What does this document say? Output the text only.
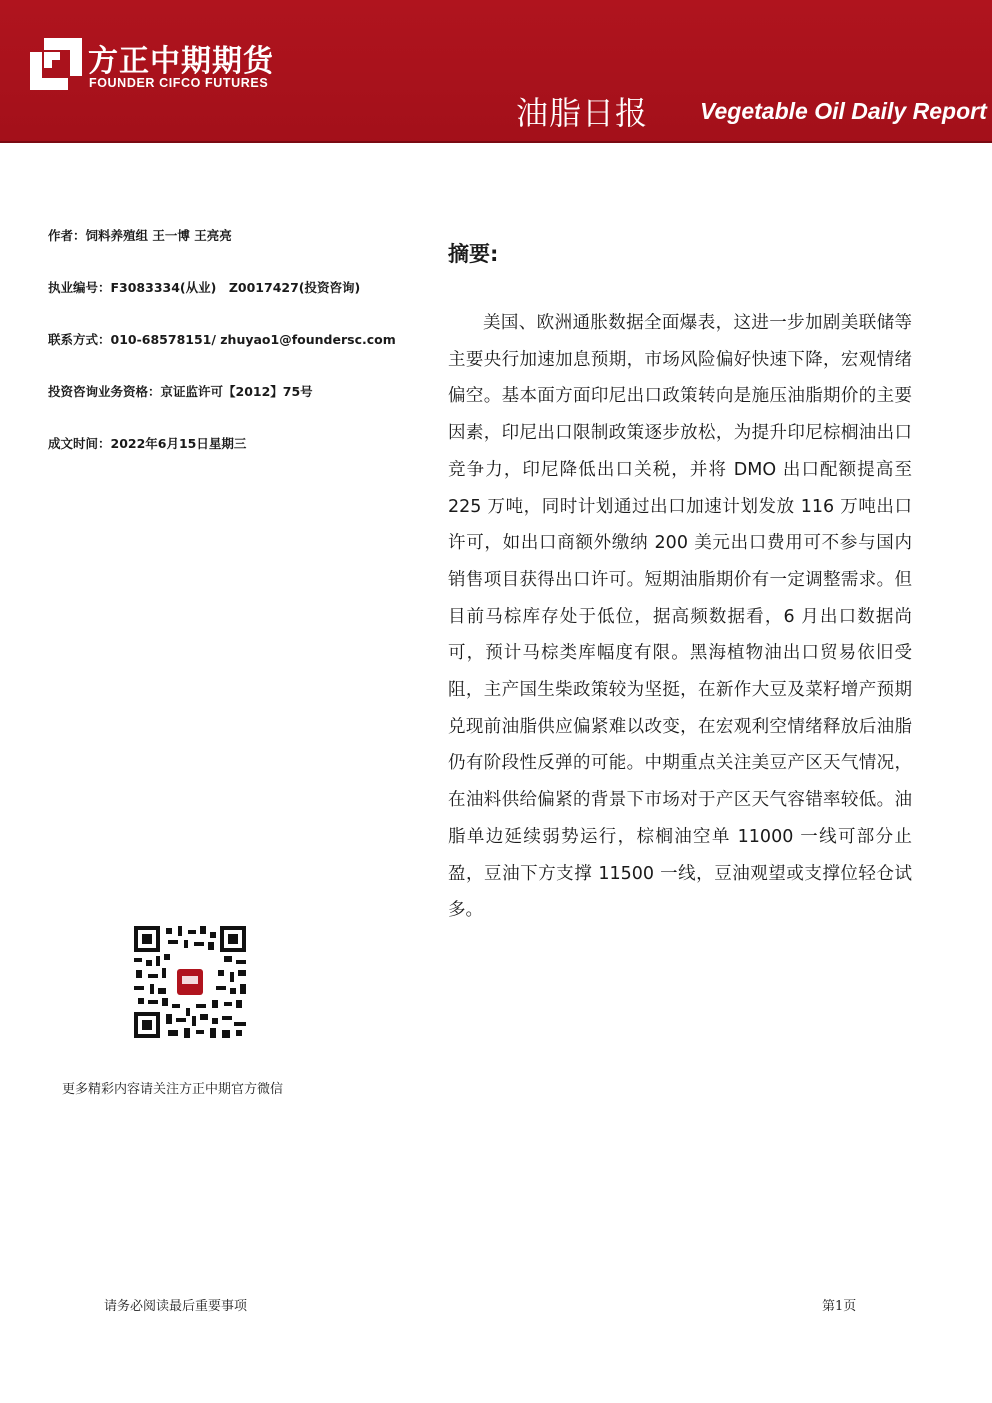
方正中期期货
FOUNDER CIFCO FUTURES
油脂日报 Vegetable Oil Daily Report
作者：饲料养殖组 王一博 王亮亮
执业编号：F3083334(从业)　Z0017427(投资咨询)
联系方式：010-68578151/ zhuyao1@foundersc.com
投资咨询业务资格：京证监许可【2012】75号
成文时间：2022年6月15日星期三
摘要:
美国、欧洲通胀数据全面爆表，这进一步加剧美联储等主要央行加速加息预期，市场风险偏好快速下降，宏观情绪偏空。基本面方面印尼出口政策转向是施压油脂期价的主要因素，印尼出口限制政策逐步放松，为提升印尼棕榈油出口竞争力，印尼降低出口关税，并将 DMO 出口配额提高至 225 万吨，同时计划通过出口加速计划发放 116 万吨出口许可，如出口商额外缴纳 200 美元出口费用可不参与国内销售项目获得出口许可。短期油脂期价有一定调整需求。但目前马棕库存处于低位，据高频数据看，6 月出口数据尚可，预计马棕类库幅度有限。黑海植物油出口贸易依旧受阻，主产国生柴政策较为坚挺，在新作大豆及菜籽增产预期兑现前油脂供应偏紧难以改变，在宏观利空情绪释放后油脂仍有阶段性反弹的可能。中期重点关注美豆产区天气情况，在油料供给偏紧的背景下市场对于产区天气容错率较低。油脂单边延续弱势运行，棕榈油空单 11000 一线可部分止盈，豆油下方支撑 11500 一线，豆油观望或支撑位轻仓试多。
更多精彩内容请关注方正中期官方微信
请务必阅读最后重要事项	第1页
